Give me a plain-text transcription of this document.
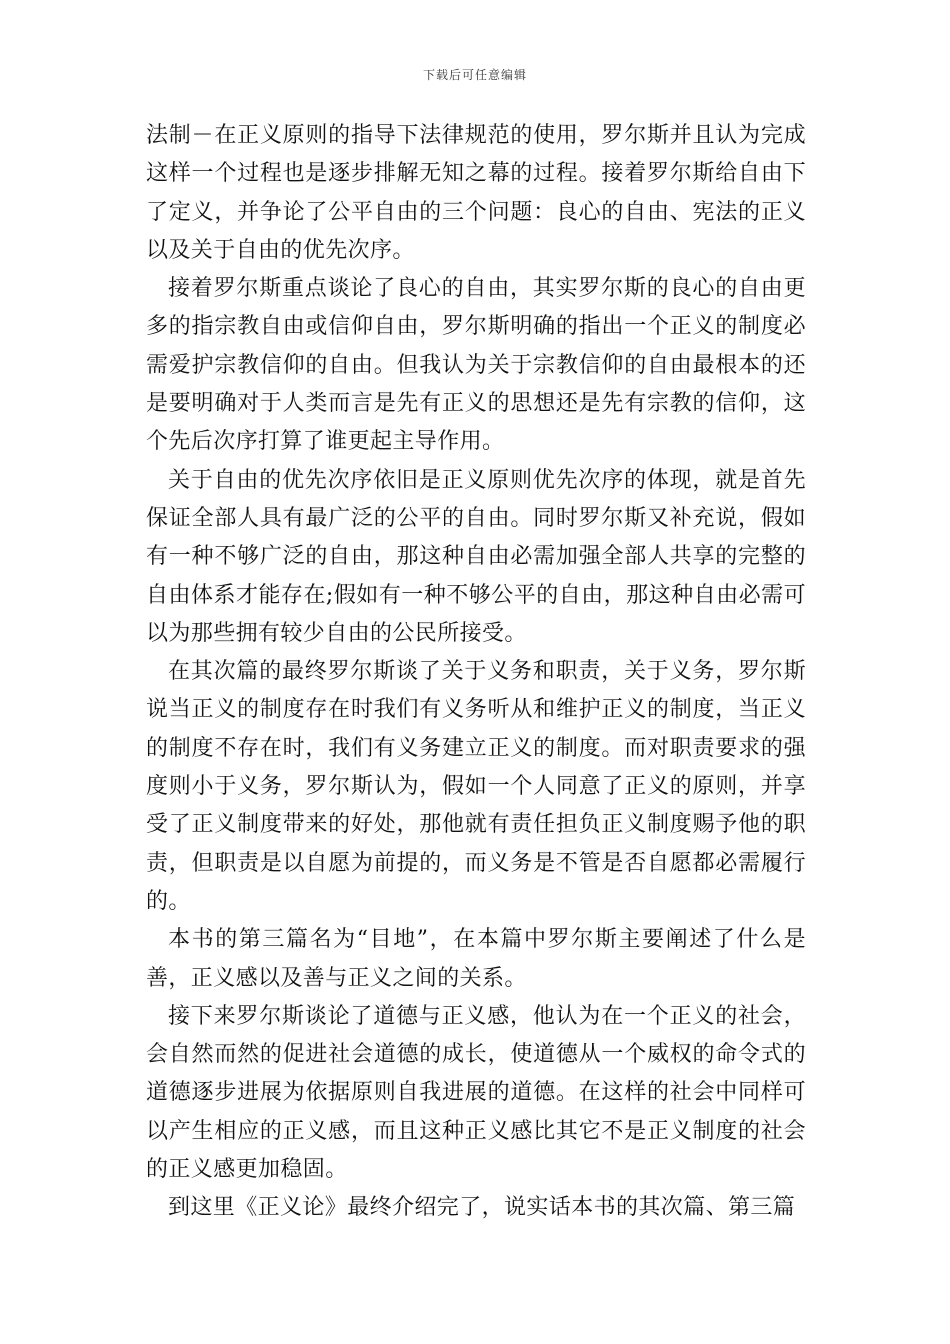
下载后可任意编辑

法制－在正义原则的指导下法律规范的使用，罗尔斯并且认为完成这样一个过程也是逐步排解无知之幕的过程。接着罗尔斯给自由下了定义，并争论了公平自由的三个问题：良心的自由、宪法的正义以及关于自由的优先次序。

接着罗尔斯重点谈论了良心的自由，其实罗尔斯的良心的自由更多的指宗教自由或信仰自由，罗尔斯明确的指出一个正义的制度必需爱护宗教信仰的自由。但我认为关于宗教信仰的自由最根本的还是要明确对于人类而言是先有正义的思想还是先有宗教的信仰，这个先后次序打算了谁更起主导作用。

关于自由的优先次序依旧是正义原则优先次序的体现，就是首先保证全部人具有最广泛的公平的自由。同时罗尔斯又补充说，假如有一种不够广泛的自由，那这种自由必需加强全部人共享的完整的自由体系才能存在;假如有一种不够公平的自由，那这种自由必需可以为那些拥有较少自由的公民所接受。

在其次篇的最终罗尔斯谈了关于义务和职责，关于义务，罗尔斯说当正义的制度存在时我们有义务听从和维护正义的制度，当正义的制度不存在时，我们有义务建立正义的制度。而对职责要求的强度则小于义务，罗尔斯认为，假如一个人同意了正义的原则，并享受了正义制度带来的好处，那他就有责任担负正义制度赐予他的职责，但职责是以自愿为前提的，而义务是不管是否自愿都必需履行的。

本书的第三篇名为“目地”，在本篇中罗尔斯主要阐述了什么是善，正义感以及善与正义之间的关系。

接下来罗尔斯谈论了道德与正义感，他认为在一个正义的社会，会自然而然的促进社会道德的成长，使道德从一个威权的命令式的道德逐步进展为依据原则自我进展的道德。在这样的社会中同样可以产生相应的正义感，而且这种正义感比其它不是正义制度的社会的正义感更加稳固。

到这里《正义论》最终介绍完了，说实话本书的其次篇、第三篇
